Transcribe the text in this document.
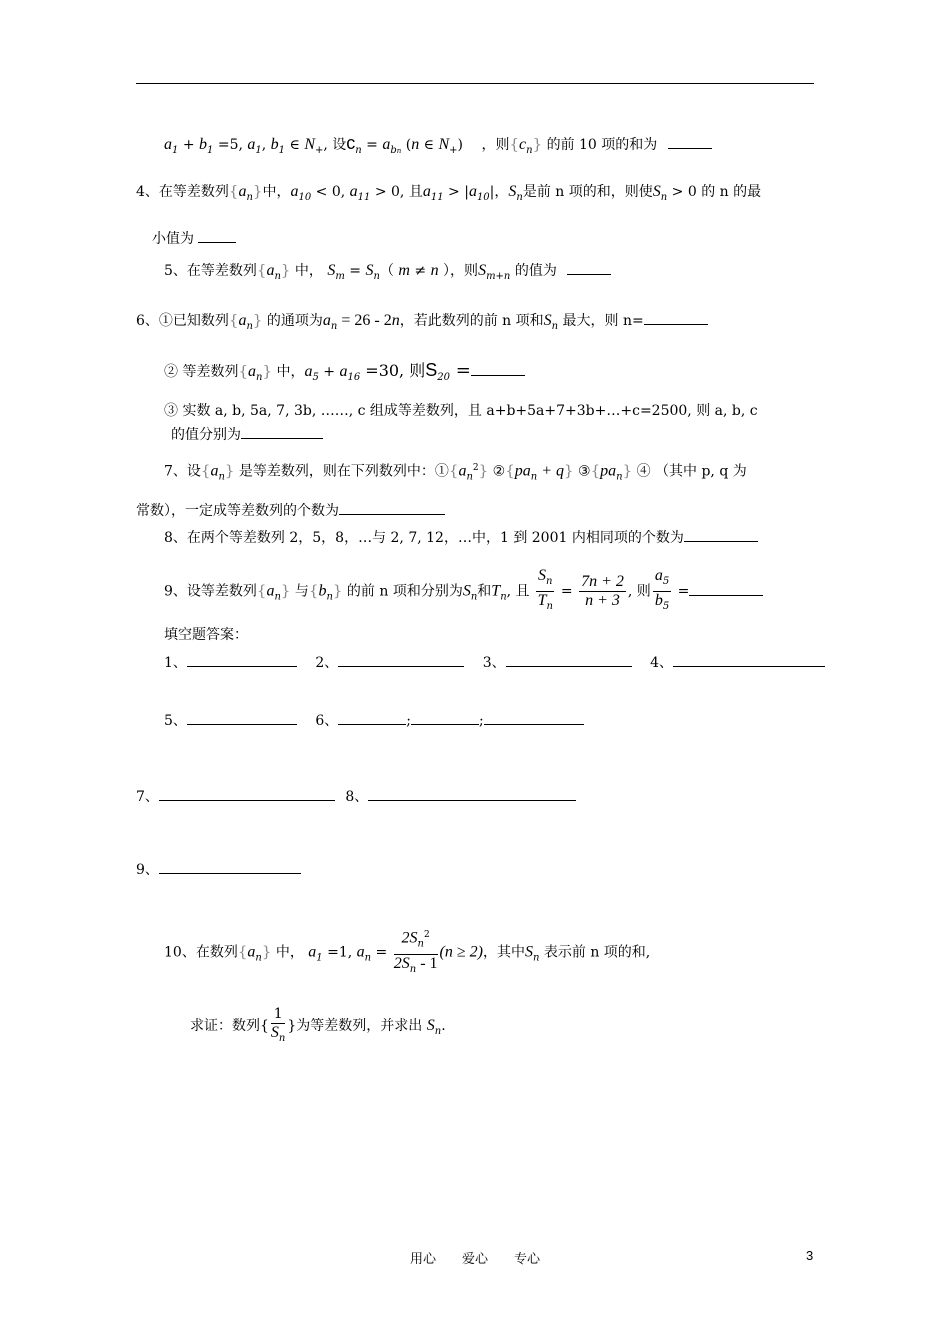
$a_1 + b_1 =5$, $a_1$, $b_1$ ∈ $N_+$, 设$c_n = a_{bn}$ (n ∈ $N_+$) ，则$\{c_n\}$ 的前 10 项的和为
4、在等差数列$\{a_n\}$中，$a_{10} < 0$, $a_{11} > 0$, 且$a_{11} > |a_{10}|$，$S_n$是前 n 项的和，则使$S_n > 0$ 的 n 的最
小值为
5、在等差数列$\{a_n\}$ 中， $S_m = S_n$（ m ≠ n ），则$S_{m+n}$ 的值为
6、①已知数列$\{a_n\}$ 的通项为$a_n = 26 - 2n$，若此数列的前 n 项和$S_n$ 最大，则 n=
② 等差数列$\{a_n\}$ 中，$a_5 + a_{16} =30$, 则$S_{20}$ =
③ 实数 a, b, 5a, 7, 3b, ……, c 组成等差数列，且 a+b+5a+7+3b+…+c=2500, 则 a, b, c
的值分别为
7、设$\{a_n\}$ 是等差数列，则在下列数列中：$①\{a_n^2\}$ $②\{pa_n + q\}$ $③\{pa_n\}$ ④ （其中 p, q 为
常数），一定成等差数列的个数为
8、在两个等差数列 2，5，8，…与 2, 7, 12，…中，1 到 2001 内相同项的个数为
9、设等差数列$\{a_n\}$ 与$\{b_n\}$ 的前 n 项和分别为$S_n$和$T_n$, 且 $\frac{S_n}{T_n} = \frac{7n + 2}{n + 3}$ , 则 $\frac{a_5}{b_5}$ =
填空题答案：
1、	2、	3、	4、
5、	6、	;	;
7、	8、
9、
10、在数列$\{a_n\}$ 中， $a_1 =1$, $a_n = \frac{2S_n^2}{2S_n - 1} (n \ge 2)$，其中$S_n$ 表示前 n 项的和,
求证：数列{ $\frac{1}{S_n}$ }为等差数列，并求出 $S_n$.
用心　　爱心　　专心	3
